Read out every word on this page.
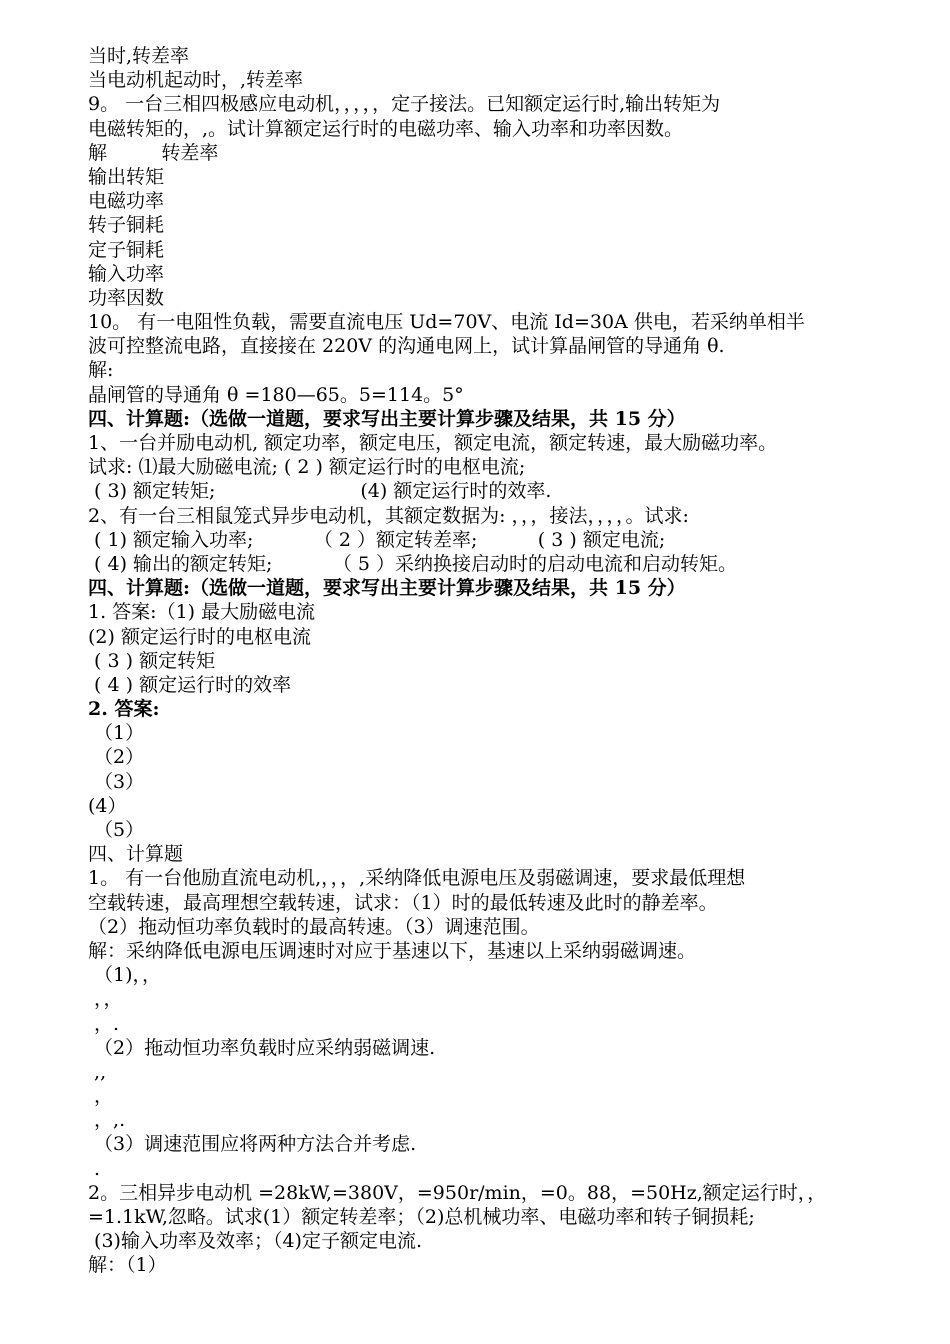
当时,转差率
当电动机起动时，,转差率
9。 一台三相四极感应电动机，，，，，定子接法。已知额定运行时,输出转矩为
电磁转矩的，,。试计算额定运行时的电磁功率、输入功率和功率因数。
解         转差率
输出转矩
电磁功率
转子铜耗
定子铜耗
输入功率
功率因数
10。 有一电阻性负载，需要直流电压 Ud=70V、电流 Id=30A 供电，若采纳单相半
波可控整流电路，直接接在 220V 的沟通电网上，试计算晶闸管的导通角 θ.
解:
晶闸管的导通角 θ =180—65。5=114。5°
四、计算题:（选做一道题，要求写出主要计算步骤及结果，共 15 分）
1、一台并励电动机, 额定功率，额定电压，额定电流，额定转速，最大励磁功率。
试求: ⑴最大励磁电流; ( 2 ) 额定运行时的电枢电流;
( 3) 额定转矩;                        (4) 额定运行时的效率.
2、有一台三相鼠笼式异步电动机，其额定数据为: ，，，接法，，，，。试求:
( 1) 额定输入功率;          （ 2 ）额定转差率;          ( 3 ) 额定电流;
( 4) 输出的额定转矩;          （ 5 ）采纳换接启动时的启动电流和启动转矩。
四、计算题:（选做一道题，要求写出主要计算步骤及结果，共 15 分）
1. 答案:（1) 最大励磁电流
(2) 额定运行时的电枢电流
( 3 ) 额定转矩
( 4 ) 额定运行时的效率
2. 答案:
（1）
（2）
（3）
(4）
（5）
四、计算题
1。 有一台他励直流电动机,，，，,采纳降低电源电压及弱磁调速，要求最低理想
空载转速，最高理想空载转速，试求：（1）时的最低转速及此时的静差率。
（2）拖动恒功率负载时的最高转速。（3）调速范围。
解：采纳降低电源电压调速时对应于基速以下，基速以上采纳弱磁调速。
（1)，，
，，
，.
（2）拖动恒功率负载时应采纳弱磁调速.
,,
，
，,.
（3）调速范围应将两种方法合并考虑.
.
2。三相异步电动机 =28kW,=380V，=950r/min，=0。88，=50Hz,额定运行时，，
=1.1kW,忽略。试求(1）额定转差率；（2)总机械功率、电磁功率和转子铜损耗;
(3)输入功率及效率；（4)定子额定电流.
解：（1）
